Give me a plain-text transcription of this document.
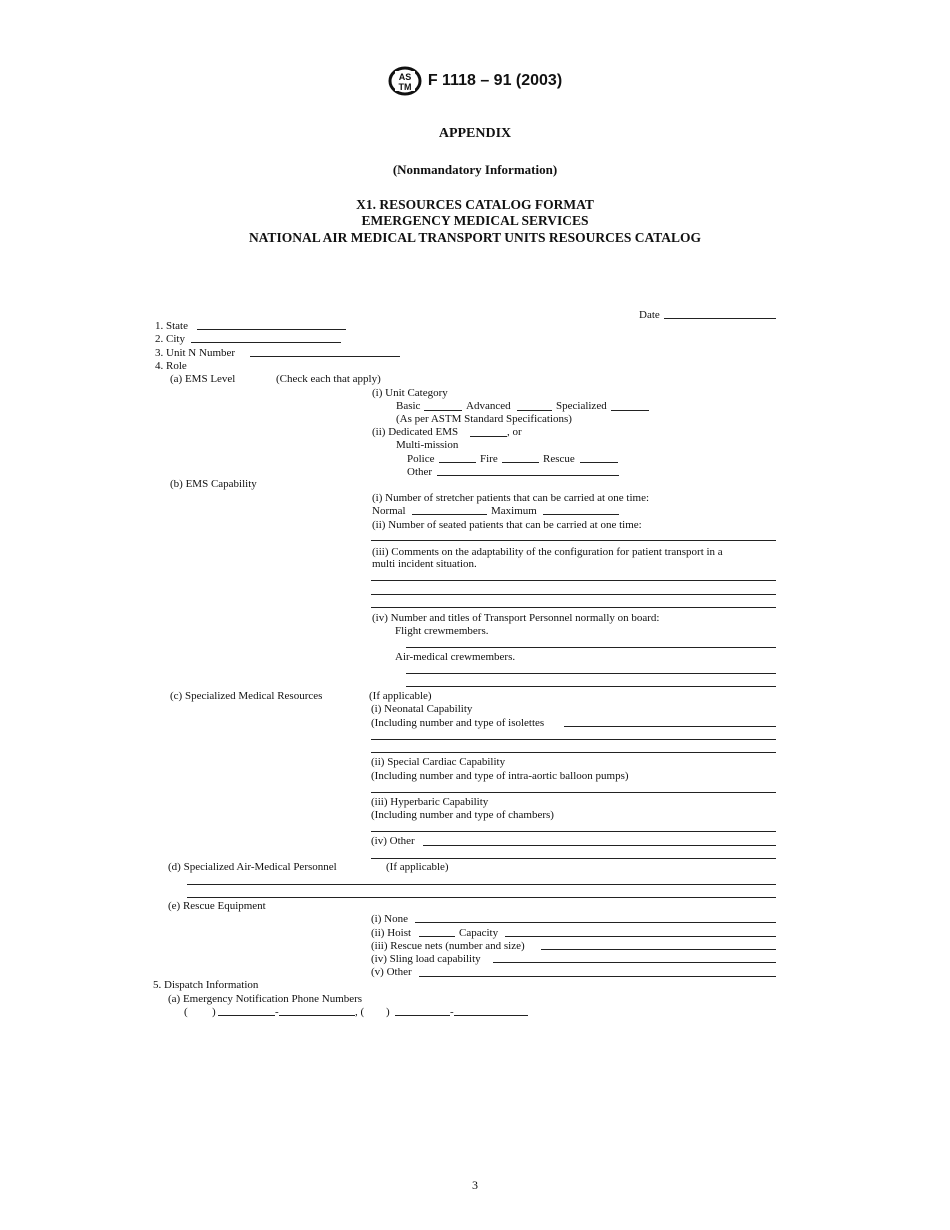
AS
TM F 1118 – 91 (2003)
APPENDIX
(Nonmandatory Information)
X1. RESOURCES CATALOG FORMAT
EMERGENCY MEDICAL SERVICES
NATIONAL AIR MEDICAL TRANSPORT UNITS RESOURCES CATALOG
Date
1. State
2. City
3. Unit N Number
4. Role
(a) EMS Level	(Check each that apply)
(i) Unit Category
Basic	Advanced	Specialized
(As per ASTM Standard Specifications)
(ii) Dedicated EMS	, or
Multi-mission
Police	Fire	Rescue
Other
(b) EMS Capability
(i) Number of stretcher patients that can be carried at one time:
Normal	Maximum
(ii) Number of seated patients that can be carried at one time:
(iii) Comments on the adaptability of the configuration for patient transport in a
multi incident situation.
(iv) Number and titles of Transport Personnel normally on board:
Flight crewmembers.
Air-medical crewmembers.
(c) Specialized Medical Resources	(If applicable)
(i) Neonatal Capability
(Including number and type of isolettes
(ii) Special Cardiac Capability
(Including number and type of intra-aortic balloon pumps)
(iii) Hyperbaric Capability
(Including number and type of chambers)
(iv) Other
(d) Specialized Air-Medical Personnel	(If applicable)
(e) Rescue Equipment
(i) None
(ii) Hoist	Capacity
(iii) Rescue nets (number and size)
(iv) Sling load capability
(v) Other
5. Dispatch Information
(a) Emergency Notification Phone Numbers
( )	-	, ( )	-
3
